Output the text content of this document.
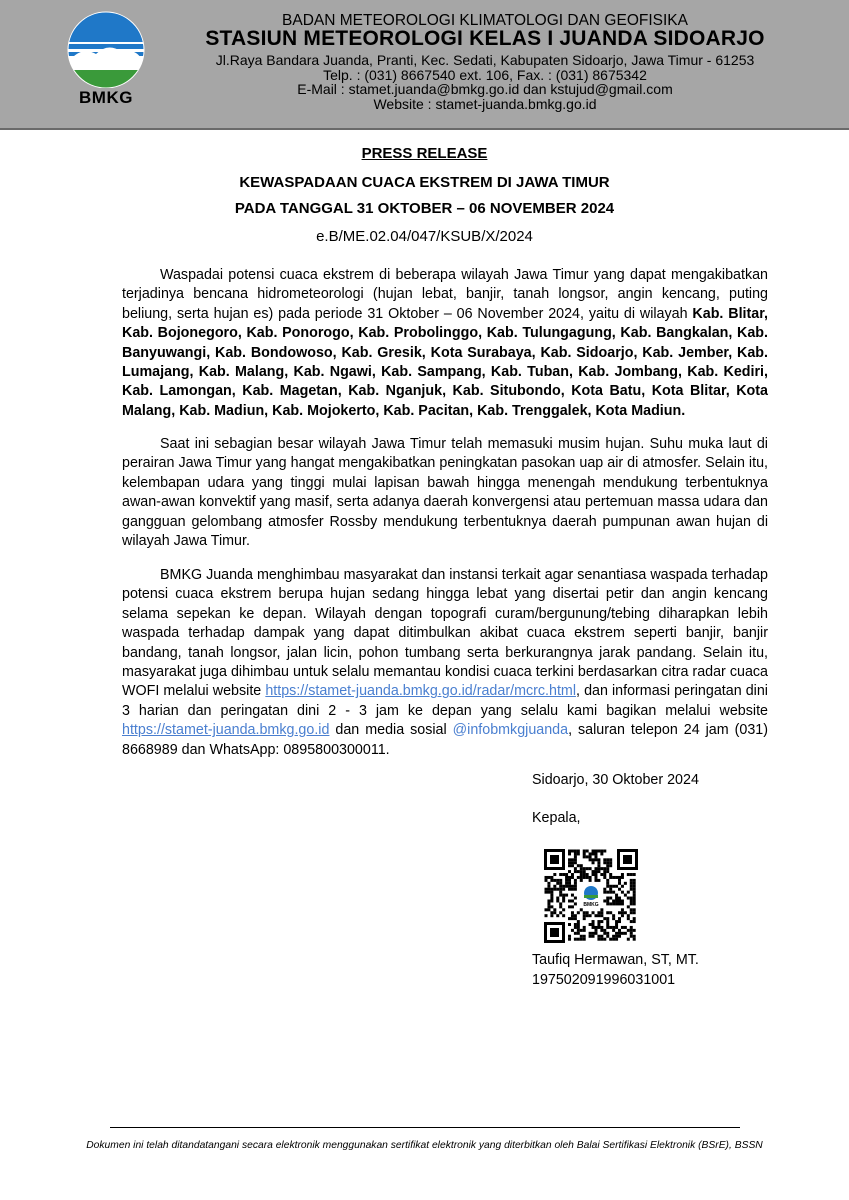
BMKG
BADAN METEOROLOGI KLIMATOLOGI DAN GEOFISIKA
STASIUN METEOROLOGI KELAS I JUANDA SIDOARJO
Jl.Raya Bandara Juanda, Pranti, Kec. Sedati, Kabupaten Sidoarjo, Jawa Timur - 61253
Telp. : (031) 8667540 ext. 106, Fax. : (031) 8675342
E-Mail : stamet.juanda@bmkg.go.id dan kstujud@gmail.com
Website : stamet-juanda.bmkg.go.id
PRESS RELEASE
KEWASPADAAN CUACA EKSTREM DI JAWA TIMUR
PADA TANGGAL 31 OKTOBER – 06 NOVEMBER 2024
e.B/ME.02.04/047/KSUB/X/2024

Waspadai potensi cuaca ekstrem di beberapa wilayah Jawa Timur yang dapat mengakibatkan terjadinya bencana hidrometeorologi (hujan lebat, banjir, tanah longsor, angin kencang, puting beliung, serta hujan es) pada periode 31 Oktober – 06 November 2024, yaitu di wilayah Kab. Blitar, Kab. Bojonegoro, Kab. Ponorogo, Kab. Probolinggo, Kab. Tulungagung, Kab. Bangkalan, Kab. Banyuwangi, Kab. Bondowoso, Kab. Gresik, Kota Surabaya, Kab. Sidoarjo, Kab. Jember, Kab. Lumajang, Kab. Malang, Kab. Ngawi, Kab. Sampang, Kab. Tuban, Kab. Jombang, Kab. Kediri, Kab. Lamongan, Kab. Magetan, Kab. Nganjuk, Kab. Situbondo, Kota Batu, Kota Blitar, Kota Malang, Kab. Madiun, Kab. Mojokerto, Kab. Pacitan, Kab. Trenggalek, Kota Madiun.

Saat ini sebagian besar wilayah Jawa Timur telah memasuki musim hujan. Suhu muka laut di perairan Jawa Timur yang hangat mengakibatkan peningkatan pasokan uap air di atmosfer. Selain itu, kelembapan udara yang tinggi mulai lapisan bawah hingga menengah mendukung terbentuknya awan-awan konvektif yang masif, serta adanya daerah konvergensi atau pertemuan massa udara dan gangguan gelombang atmosfer Rossby mendukung terbentuknya daerah pumpunan awan hujan di wilayah Jawa Timur.

BMKG Juanda menghimbau masyarakat dan instansi terkait agar senantiasa waspada terhadap potensi cuaca ekstrem berupa hujan sedang hingga lebat yang disertai petir dan angin kencang selama sepekan ke depan. Wilayah dengan topografi curam/bergunung/tebing diharapkan lebih waspada terhadap dampak yang dapat ditimbulkan akibat cuaca ekstrem seperti banjir, banjir bandang, tanah longsor, jalan licin, pohon tumbang serta berkurangnya jarak pandang. Selain itu, masyarakat juga dihimbau untuk selalu memantau kondisi cuaca terkini berdasarkan citra radar cuaca WOFI melalui website https://stamet-juanda.bmkg.go.id/radar/mcrc.html, dan informasi peringatan dini 3 harian dan peringatan dini 2 - 3 jam ke depan yang selalu kami bagikan melalui website https://stamet-juanda.bmkg.go.id dan media sosial @infobmkgjuanda, saluran telepon 24 jam (031) 8668989 dan WhatsApp: 0895800300011.

Sidoarjo, 30 Oktober 2024
Kepala,
BMKG
Taufiq Hermawan, ST, MT.
197502091996031001
Dokumen ini telah ditandatangani secara elektronik menggunakan sertifikat elektronik yang diterbitkan oleh Balai Sertifikasi Elektronik (BSrE), BSSN
